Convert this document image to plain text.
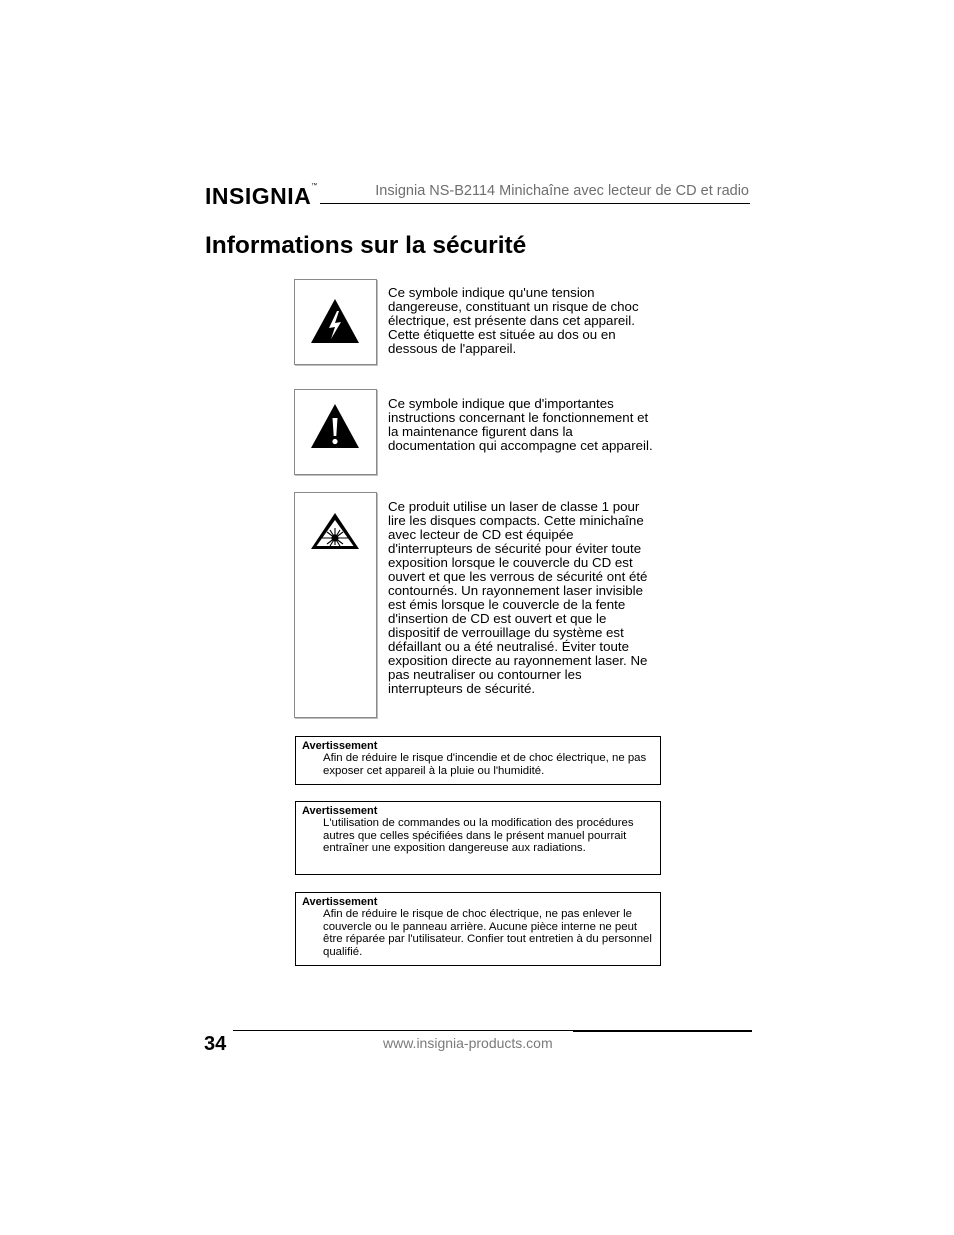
INSIGNIA™	Insignia NS-B2114 Minichaîne avec lecteur de CD et radio
Informations sur la sécurité
Ce symbole indique qu'une tension dangereuse, constituant un risque de choc électrique, est présente dans cet appareil. Cette étiquette est située au dos ou en dessous de l'appareil.
Ce symbole indique que d'importantes instructions concernant le fonctionnement et la maintenance figurent dans la documentation qui accompagne cet appareil.
Ce produit utilise un laser de classe 1 pour lire les disques compacts. Cette minichaîne avec lecteur de CD est équipée d'interrupteurs de sécurité pour éviter toute exposition lorsque le couvercle du CD est ouvert et que les verrous de sécurité ont été contournés. Un rayonnement laser invisible est émis lorsque le couvercle de la fente d'insertion de CD est ouvert et que le dispositif de verrouillage du système est défaillant ou a été neutralisé. Éviter toute exposition directe au rayonnement laser. Ne pas neutraliser ou contourner les interrupteurs de sécurité.
Avertissement
Afin de réduire le risque d'incendie et de choc électrique, ne pas exposer cet appareil à la pluie ou l'humidité.
Avertissement
L'utilisation de commandes ou la modification des procédures autres que celles spécifiées dans le présent manuel pourrait entraîner une exposition dangereuse aux radiations.
Avertissement
Afin de réduire le risque de choc électrique, ne pas enlever le couvercle ou le panneau arrière. Aucune pièce interne ne peut être réparée par l'utilisateur. Confier tout entretien à du personnel qualifié.
34	www.insignia-products.com
